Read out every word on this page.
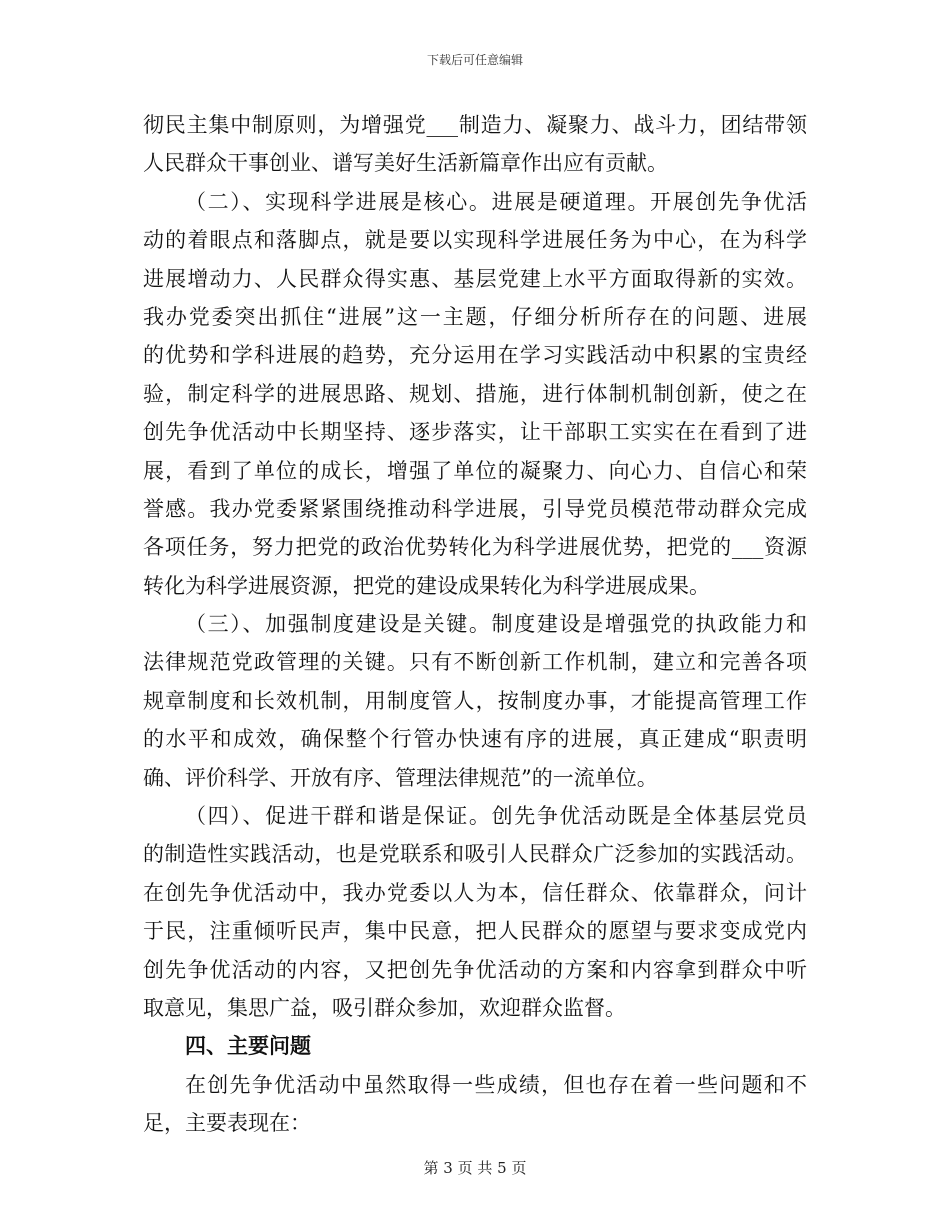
下载后可任意编辑
彻民主集中制原则，为增强党___制造力、凝聚力、战斗力，团结带领
人民群众干事创业、谱写美好生活新篇章作出应有贡献。
（二）、实现科学进展是核心。进展是硬道理。开展创先争优活
动的着眼点和落脚点，就是要以实现科学进展任务为中心，在为科学
进展增动力、人民群众得实惠、基层党建上水平方面取得新的实效。
我办党委突出抓住“进展”这一主题，仔细分析所存在的问题、进展
的优势和学科进展的趋势，充分运用在学习实践活动中积累的宝贵经
验，制定科学的进展思路、规划、措施，进行体制机制创新，使之在
创先争优活动中长期坚持、逐步落实，让干部职工实实在在看到了进
展，看到了单位的成长，增强了单位的凝聚力、向心力、自信心和荣
誉感。我办党委紧紧围绕推动科学进展，引导党员模范带动群众完成
各项任务，努力把党的政治优势转化为科学进展优势，把党的___资源
转化为科学进展资源，把党的建设成果转化为科学进展成果。
（三）、加强制度建设是关键。制度建设是增强党的执政能力和
法律规范党政管理的关键。只有不断创新工作机制，建立和完善各项
规章制度和长效机制，用制度管人，按制度办事，才能提高管理工作
的水平和成效，确保整个行管办快速有序的进展，真正建成“职责明
确、评价科学、开放有序、管理法律规范”的一流单位。
（四）、促进干群和谐是保证。创先争优活动既是全体基层党员
的制造性实践活动，也是党联系和吸引人民群众广泛参加的实践活动。
在创先争优活动中，我办党委以人为本，信任群众、依靠群众，问计
于民，注重倾听民声，集中民意，把人民群众的愿望与要求变成党内
创先争优活动的内容，又把创先争优活动的方案和内容拿到群众中听
取意见，集思广益，吸引群众参加，欢迎群众监督。
四、主要问题
在创先争优活动中虽然取得一些成绩，但也存在着一些问题和不
足，主要表现在：
第 3 页 共 5 页
